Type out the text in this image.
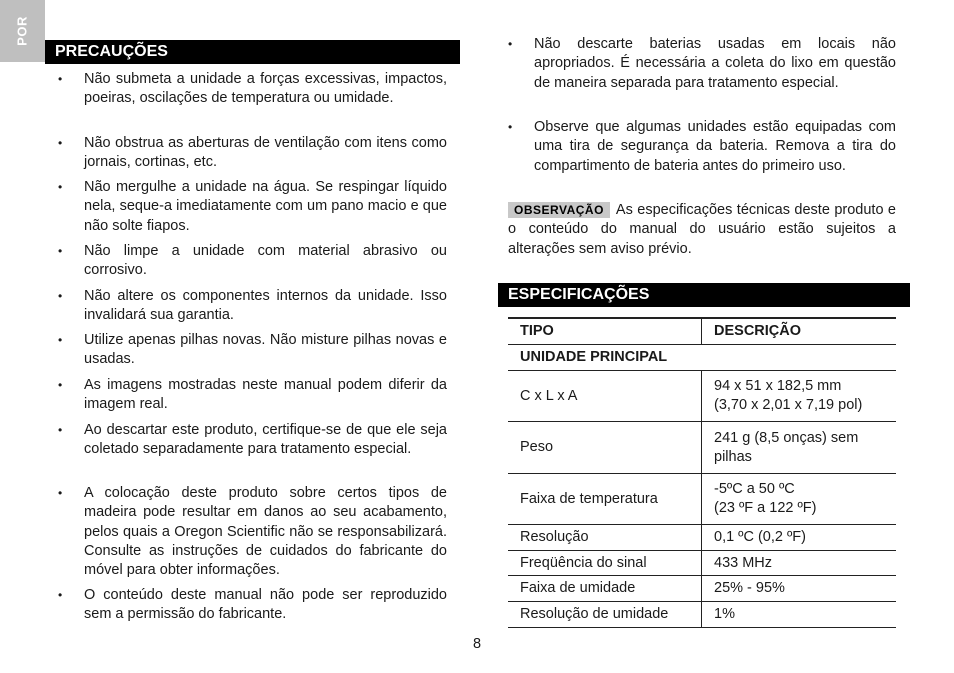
POR
PRECAUÇÕES
• Não submeta a unidade a forças excessivas, impactos, poeiras, oscilações de temperatura ou umidade.
• Não obstrua as aberturas de ventilação com itens como jornais, cortinas, etc.
• Não mergulhe a unidade na água. Se respingar líquido nela, seque-a imediatamente com um pano macio e que não solte fiapos.
• Não limpe a unidade com material abrasivo ou corrosivo.
• Não altere os componentes internos da unidade. Isso invalidará sua garantia.
• Utilize apenas pilhas novas. Não misture pilhas novas e usadas.
• As imagens mostradas neste manual podem diferir da imagem real.
• Ao descartar este produto, certifique-se de que ele seja coletado separadamente para tratamento especial.
• A colocação deste produto sobre certos tipos de madeira pode resultar em danos ao seu acabamento, pelos quais a Oregon Scientific não se responsabilizará. Consulte as instruções de cuidados do fabricante do móvel para obter informações.
• O conteúdo deste manual não pode ser reproduzido sem a permissão do fabricante.
• Não descarte baterias usadas em locais não apropriados. É necessária a coleta do lixo em questão de maneira separada para tratamento especial.
• Observe que algumas unidades estão equipadas com uma tira de segurança da bateria. Remova a tira do compartimento de bateria antes do primeiro uso.
OBSERVAÇÃO As especificações técnicas deste produto e o conteúdo do manual do usuário estão sujeitos a alterações sem aviso prévio.
ESPECIFICAÇÕES
TIPO	DESCRIÇÃO
UNIDADE PRINCIPAL	
C x L x A	94 x 51 x 182,5 mm
(3,70 x 2,01 x 7,19 pol)
Peso	241 g (8,5 onças) sem pilhas
Faixa de temperatura	-5ºC a 50 ºC
(23 ºF a 122 ºF)
Resolução	0,1 ºC (0,2 ºF)
Freqüência do sinal	433 MHz
Faixa de umidade	25% - 95%
Resolução de umidade	1%
8
